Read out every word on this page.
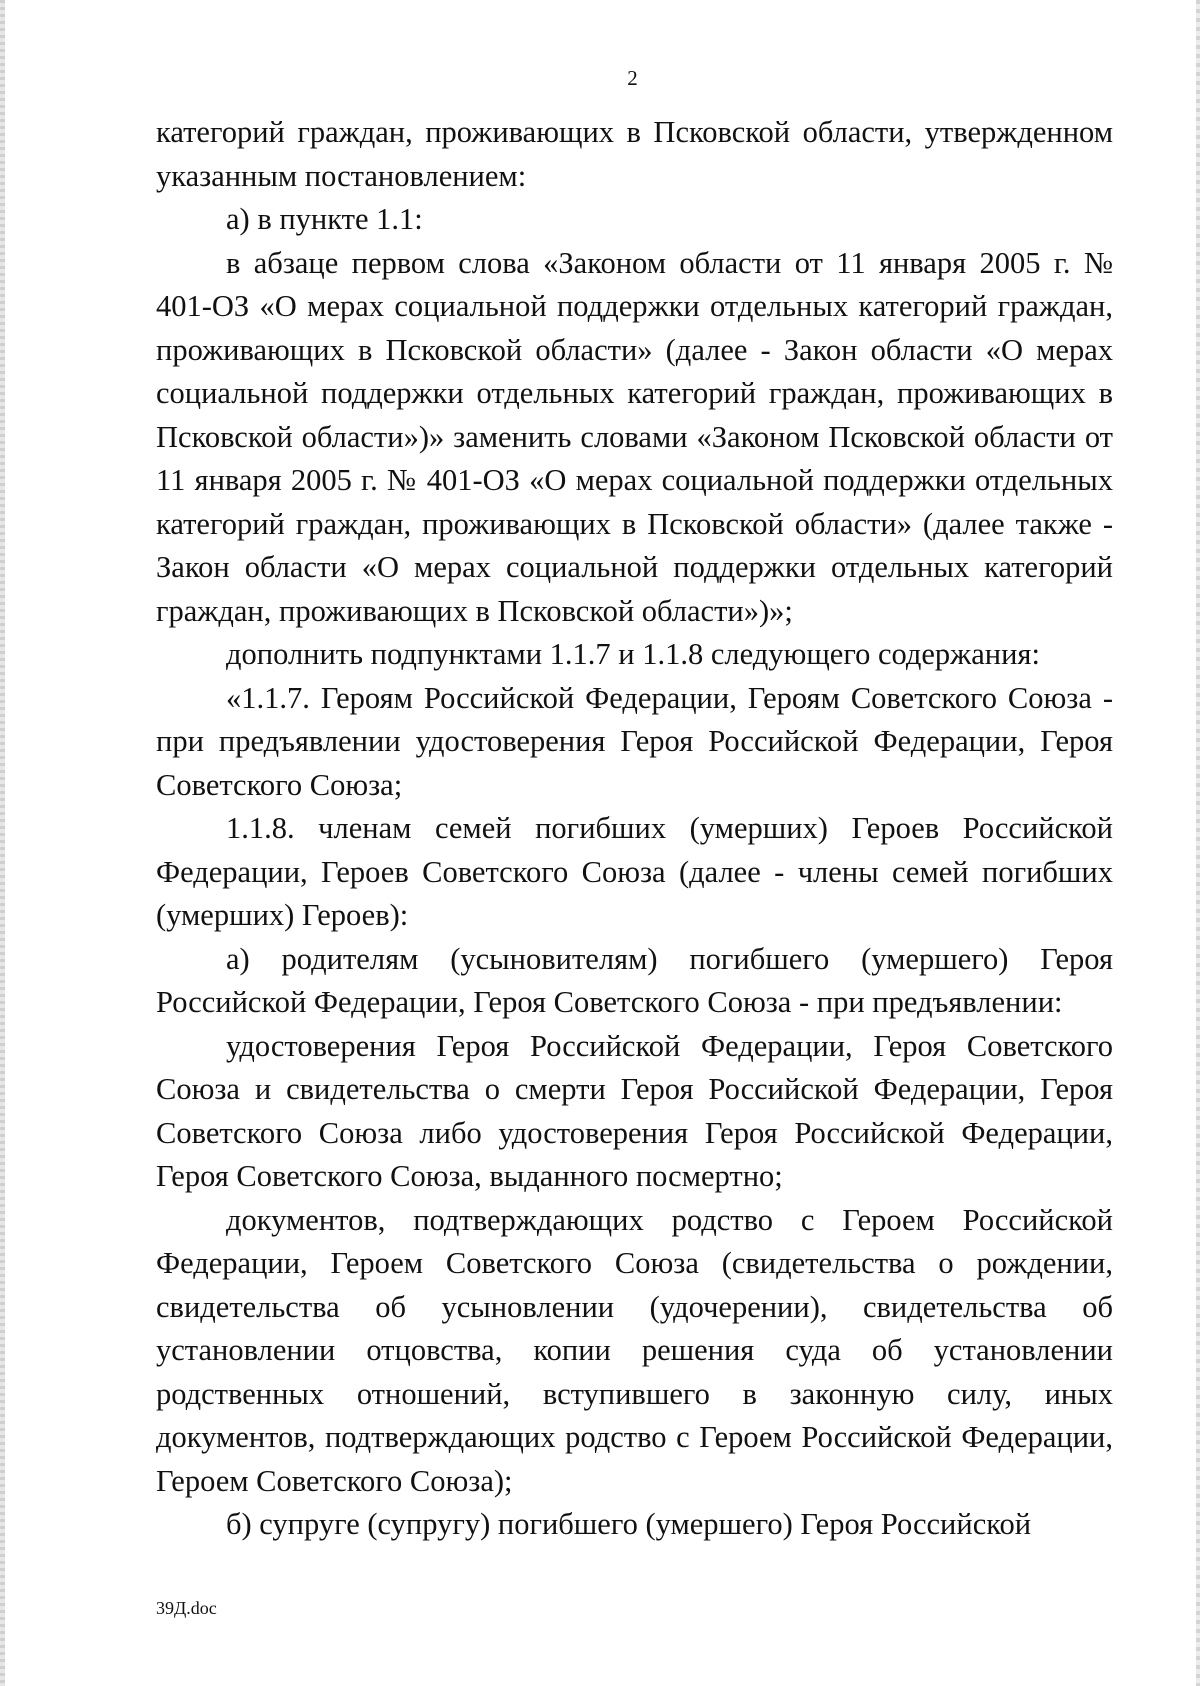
2

категорий граждан, проживающих в Псковской области, утвержденном указанным постановлением:

а) в пункте 1.1:

в абзаце первом слова «Законом области от 11 января 2005 г. № 401-ОЗ «О мерах социальной поддержки отдельных категорий граждан, проживающих в Псковской области» (далее - Закон области «О мерах социальной поддержки отдельных категорий граждан, проживающих в Псковской области»)» заменить словами «Законом Псковской области от 11 января 2005 г. № 401-ОЗ «О мерах социальной поддержки отдельных категорий граждан, проживающих в Псковской области» (далее также - Закон области «О мерах социальной поддержки отдельных категорий граждан, проживающих в Псковской области»)»;

дополнить подпунктами 1.1.7 и 1.1.8 следующего содержания:

«1.1.7. Героям Российской Федерации, Героям Советского Союза - при предъявлении удостоверения Героя Российской Федерации, Героя Советского Союза;

1.1.8. членам семей погибших (умерших) Героев Российской Федерации, Героев Советского Союза (далее - члены семей погибших (умерших) Героев):

а) родителям (усыновителям) погибшего (умершего) Героя Российской Федерации, Героя Советского Союза - при предъявлении:

удостоверения Героя Российской Федерации, Героя Советского Союза и свидетельства о смерти Героя Российской Федерации, Героя Советского Союза либо удостоверения Героя Российской Федерации, Героя Советского Союза, выданного посмертно;

документов, подтверждающих родство с Героем Российской Федерации, Героем Советского Союза (свидетельства о рождении, свидетельства об усыновлении (удочерении), свидетельства об установлении отцовства, копии решения суда об установлении родственных отношений, вступившего в законную силу, иных документов, подтверждающих родство с Героем Российской Федерации, Героем Советского Союза);

б) супруге (супругу) погибшего (умершего) Героя Российской

39Д.doc
